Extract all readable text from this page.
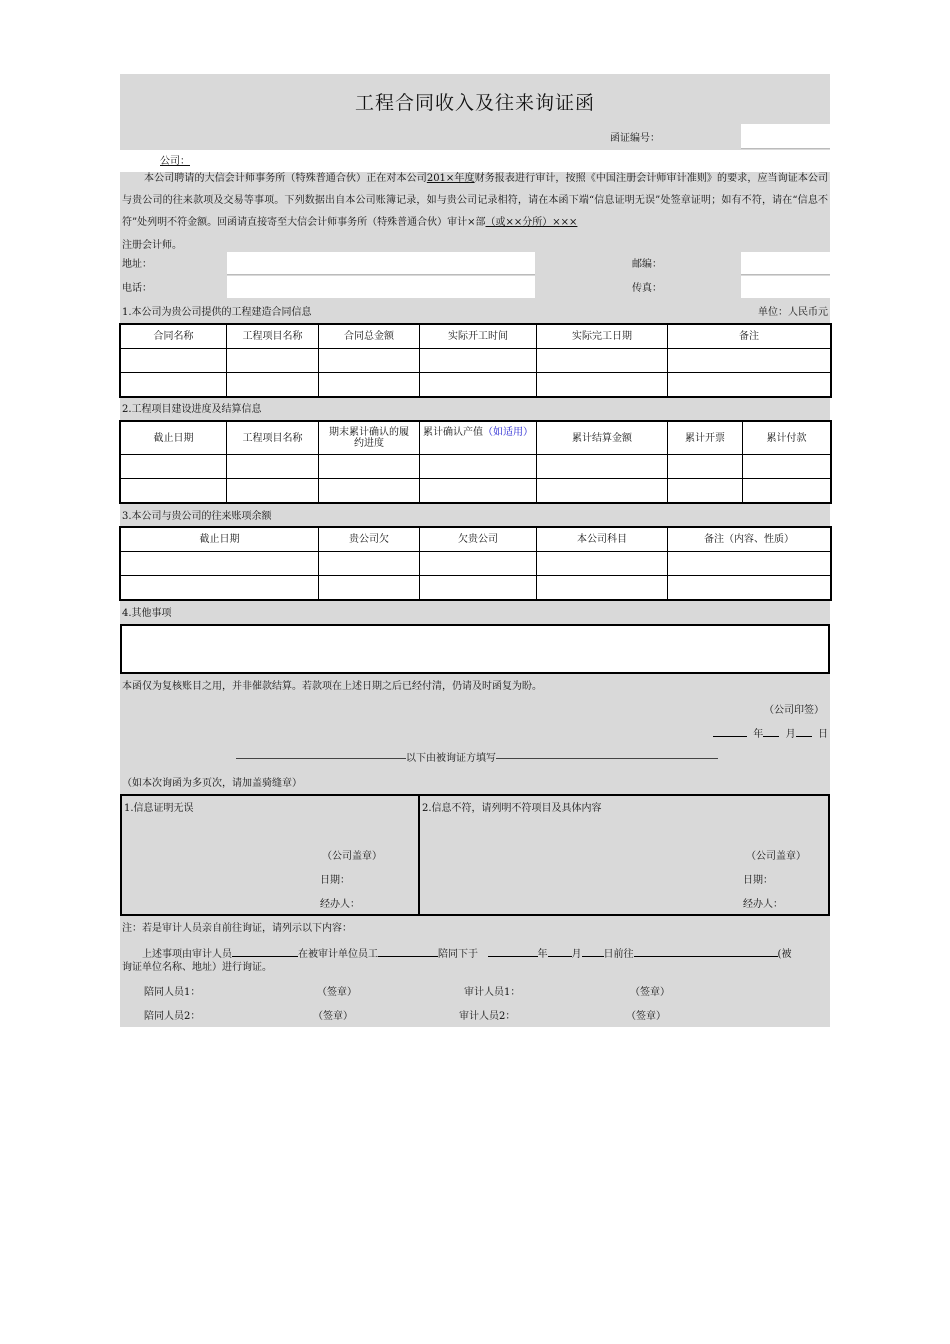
工程合同收入及往来询证函
函证编号：
公司：
本公司聘请的大信会计师事务所（特殊普通合伙）正在对本公司201×年度财务报表进行审计，按照《中国注册会计师审计准则》的要求，应当询证本公司与贵公司的往来款项及交易等事项。下列数据出自本公司账簿记录，如与贵公司记录相符，请在本函下端“信息证明无误”处签章证明；如有不符，请在“信息不符”处列明不符金额。回函请直接寄至大信会计师事务所（特殊普通合伙）审计×部（或××分所）×××
注册会计师。
地址：	邮编：
电话：	传真：
1.本公司为贵公司提供的工程建造合同信息	单位：人民币元
合同名称	工程项目名称	合同总金额	实际开工时间	实际完工日期	备注

2.工程项目建设进度及结算信息
截止日期	工程项目名称	期末累计确认的履约进度	累计确认产值（如适用）	累计结算金额	累计开票	累计付款

3.本公司与贵公司的往来账项余额
截止日期	贵公司欠	欠贵公司	本公司科目	备注（内容、性质）

4.其他事项
本函仅为复核账目之用，并非催款结算。若款项在上述日期之后已经付清，仍请及时函复为盼。
（公司印签）
年 月 日
以下由被询证方填写
（如本次询函为多页次，请加盖骑缝章）
1.信息证明无误
（公司盖章）
日期：
经办人：
2.信息不符，请列明不符项目及具体内容
（公司盖章）
日期：
经办人：
注：若是审计人员亲自前往询证，请列示以下内容：
上述事项由审计人员	在被审计单位员工	陪同下于	年 月 日前往	(被
询证单位名称、地址）进行询证。
陪同人员1：	（签章）	审计人员1：	（签章）
陪同人员2：	（签章）	审计人员2：	（签章）
